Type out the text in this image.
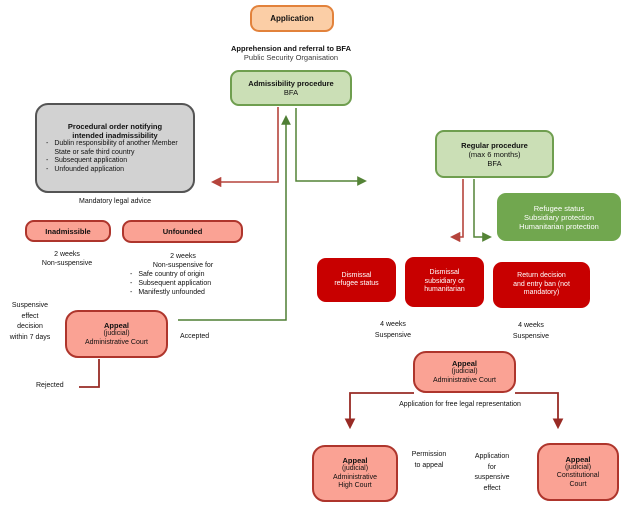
Application
Apprehension and referral to BFA
Public Security Organisation
Admissibility procedure
BFA
Procedural order notifying
intended inadmissibility
- Dublin responsibility of another Member State or safe third country
- Subsequent application
- Unfounded application
Mandatory legal advice
Inadmissible	Unfounded
2 weeks
Non-suspensive
2 weeks
Non-suspensive for
- Safe country of origin
- Subsequent application
- Manifestly unfounded
Suspensive
effect
decision
within 7 days
Appeal
(judicial)
Administrative Court
Accepted
Rejected
Regular procedure
(max 6 months)
BFA
Refugee status
Subsidiary protection
Humanitarian protection
Dismissal
refugee status
Dismissal
subsidiary or
humanitarian
Return decision
and entry ban (not
mandatory)
4 weeks
Suspensive
4 weeks
Suspensive
Appeal
(judicial)
Administrative Court
Application for free legal representation
Appeal
(judicial)
Administrative
High Court
Permission
to appeal
Application
for
suspensive
effect
Appeal
(judicial)
Constitutional
Court
